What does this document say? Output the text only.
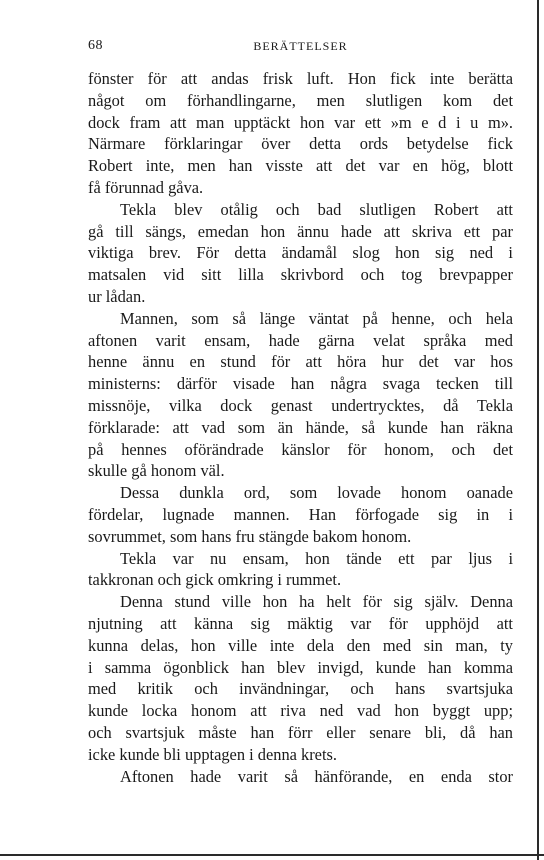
68	BERÄTTELSER
fönster för att andas frisk luft. Hon fick inte berätta
något om förhandlingarne, men slutligen kom det
dock fram att man upptäckt hon var ett »m e d i u m».
Närmare förklaringar över detta ords betydelse fick
Robert inte, men han visste att det var en hög, blott
få förunnad gåva.
Tekla blev otålig och bad slutligen Robert att
gå till sängs, emedan hon ännu hade att skriva ett par
viktiga brev. För detta ändamål slog hon sig ned i
matsalen vid sitt lilla skrivbord och tog brevpapper
ur lådan.
Mannen, som så länge väntat på henne, och hela
aftonen varit ensam, hade gärna velat språka med
henne ännu en stund för att höra hur det var hos
ministerns: därför visade han några svaga tecken till
missnöje, vilka dock genast undertrycktes, då Tekla
förklarade: att vad som än hände, så kunde han räkna
på hennes oförändrade känslor för honom, och det
skulle gå honom väl.
Dessa dunkla ord, som lovade honom oanade
fördelar, lugnade mannen. Han förfogade sig in i
sovrummet, som hans fru stängde bakom honom.
Tekla var nu ensam, hon tände ett par ljus i
takkronan och gick omkring i rummet.
Denna stund ville hon ha helt för sig själv. Denna
njutning att känna sig mäktig var för upphöjd att
kunna delas, hon ville inte dela den med sin man, ty
i samma ögonblick han blev invigd, kunde han komma
med kritik och invändningar, och hans svartsjuka
kunde locka honom att riva ned vad hon byggt upp;
och svartsjuk måste han förr eller senare bli, då han
icke kunde bli upptagen i denna krets.
Aftonen hade varit så hänförande, en enda stor
